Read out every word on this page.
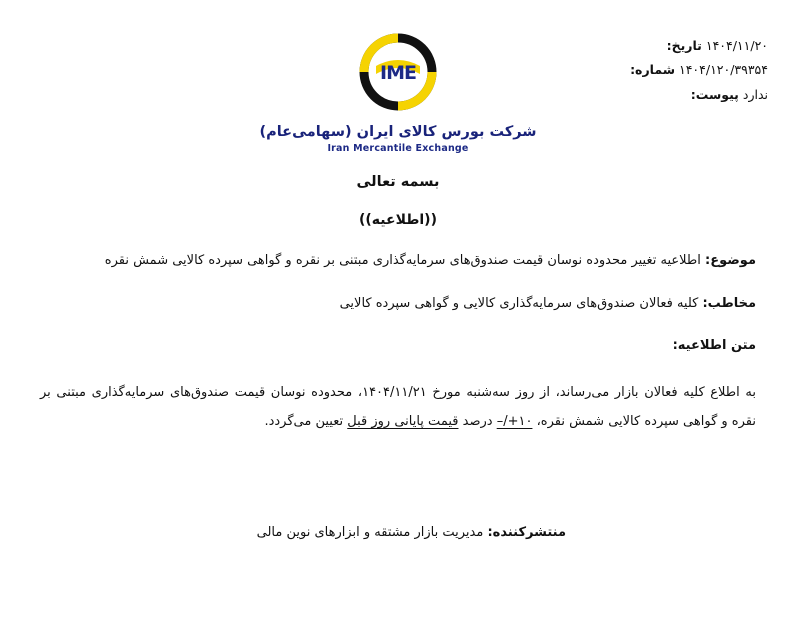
۱۴۰۴/۱۱/۲۰ تاریخ:
۱۴۰۴/۱۲۰/۳۹۳۵۴ شماره:
ندارد پیوست:
IME
شرکت بورس کالای ایران (سهامی‌عام)
Iran Mercantile Exchange
بسمه تعالی
((اطلاعیه))

موضوع: اطلاعیه تغییر محدوده نوسان قیمت صندوق‌های سرمایه‌گذاری مبتنی بر نقره و گواهی سپرده کالایی شمش نقره

مخاطب: کلیه فعالان صندوق‌های سرمایه‌گذاری کالایی و گواهی سپرده کالایی

متن اطلاعیه:

به اطلاع کلیه فعالان بازار می‌رساند، از روز سه‌شنبه مورخ ۱۴۰۴/۱۱/۲۱، محدوده نوسان قیمت صندوق‌های سرمایه‌گذاری مبتنی بر نقره و گواهی سپرده کالایی شمش نقره، ۱۰+/– درصد قیمت پایانی روز قبل تعیین می‌گردد.

منتشرکننده: مدیریت بازار مشتقه و ابزارهای نوین مالی
